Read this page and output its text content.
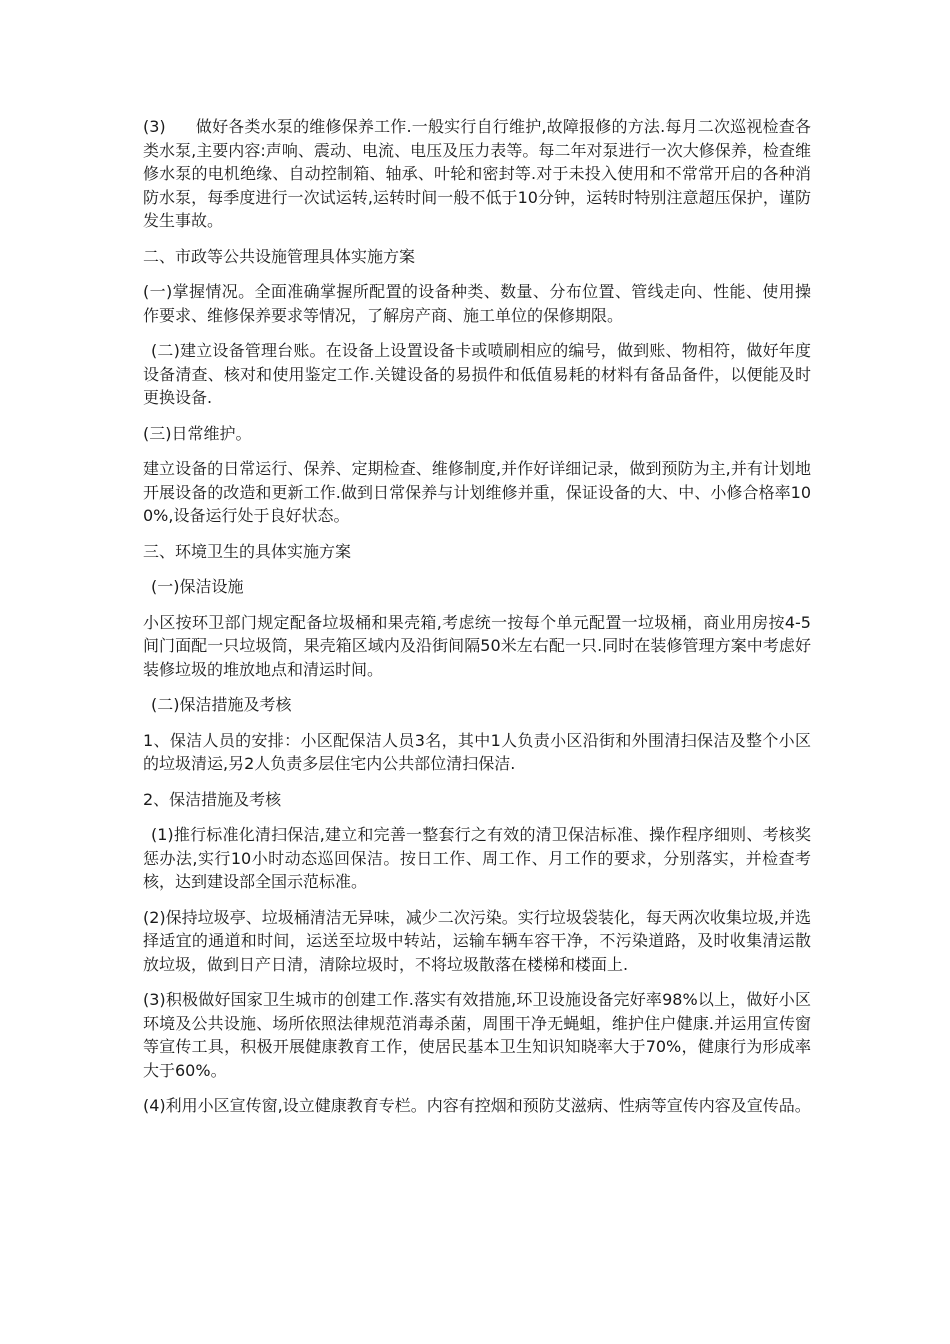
(3) 做好各类水泵的维修保养工作.一般实行自行维护,故障报修的方法.每月二次巡视检查各类水泵,主要内容:声响、震动、电流、电压及压力表等。每二年对泵进行一次大修保养，检查维修水泵的电机绝缘、自动控制箱、轴承、叶轮和密封等.对于未投入使用和不常常开启的各种消防水泵，每季度进行一次试运转,运转时间一般不低于10分钟，运转时特别注意超压保护，谨防发生事故。

二、市政等公共设施管理具体实施方案

(一)掌握情况。全面准确掌握所配置的设备种类、数量、分布位置、管线走向、性能、使用操作要求、维修保养要求等情况，了解房产商、施工单位的保修期限。

(二)建立设备管理台账。在设备上设置设备卡或喷刷相应的编号，做到账、物相符，做好年度设备清查、核对和使用鉴定工作.关键设备的易损件和低值易耗的材料有备品备件，以便能及时更换设备.

(三)日常维护。

建立设备的日常运行、保养、定期检查、维修制度,并作好详细记录，做到预防为主,并有计划地开展设备的改造和更新工作.做到日常保养与计划维修并重，保证设备的大、中、小修合格率100%,设备运行处于良好状态。

三、环境卫生的具体实施方案

(一)保洁设施

小区按环卫部门规定配备垃圾桶和果壳箱,考虑统一按每个单元配置一垃圾桶，商业用房按4-5间门面配一只垃圾筒，果壳箱区域内及沿街间隔50米左右配一只.同时在装修管理方案中考虑好装修垃圾的堆放地点和清运时间。

(二)保洁措施及考核

1、保洁人员的安排：小区配保洁人员3名，其中1人负责小区沿街和外围清扫保洁及整个小区的垃圾清运,另2人负责多层住宅内公共部位清扫保洁.

2、保洁措施及考核

(1)推行标准化清扫保洁,建立和完善一整套行之有效的清卫保洁标准、操作程序细则、考核奖惩办法,实行10小时动态巡回保洁。按日工作、周工作、月工作的要求，分别落实，并检查考核，达到建设部全国示范标准。

(2)保持垃圾亭、垃圾桶清洁无异味，减少二次污染。实行垃圾袋装化，每天两次收集垃圾,并选择适宜的通道和时间，运送至垃圾中转站，运输车辆车容干净，不污染道路，及时收集清运散放垃圾，做到日产日清，清除垃圾时，不将垃圾散落在楼梯和楼面上.

(3)积极做好国家卫生城市的创建工作.落实有效措施,环卫设施设备完好率98%以上，做好小区环境及公共设施、场所依照法律规范消毒杀菌，周围干净无蝇蛆，维护住户健康.并运用宣传窗等宣传工具，积极开展健康教育工作，使居民基本卫生知识知晓率大于70%，健康行为形成率大于60%。

(4)利用小区宣传窗,设立健康教育专栏。内容有控烟和预防艾滋病、性病等宣传内容及宣传品。
